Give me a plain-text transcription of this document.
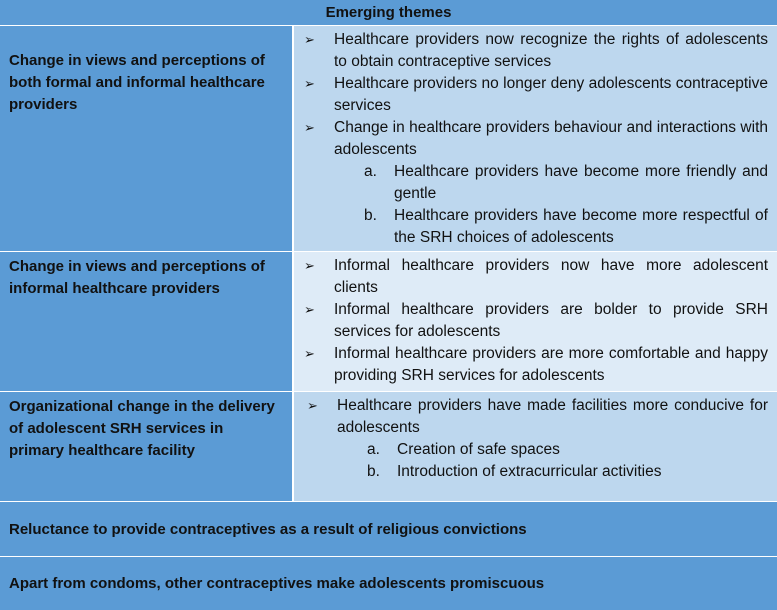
Emerging themes
Change in views and perceptions of both formal and informal healthcare providers
➢ Healthcare providers now recognize the rights of adolescents to obtain contraceptive services
➢ Healthcare providers no longer deny adolescents contraceptive services
➢ Change in healthcare providers behaviour and interactions with adolescents
a. Healthcare providers have become more friendly and gentle
b. Healthcare providers have become more respectful of the SRH choices of adolescents
Change in views and perceptions of informal healthcare providers
➢ Informal healthcare providers now have more adolescent clients
➢ Informal healthcare providers are bolder to provide SRH services for adolescents
➢ Informal healthcare providers are more comfortable and happy providing SRH services for adolescents
Organizational change in the delivery of adolescent SRH services in primary healthcare facility
➢ Healthcare providers have made facilities more conducive for adolescents
a. Creation of safe spaces
b. Introduction of extracurricular activities
Reluctance to provide contraceptives as a result of religious convictions
Apart from condoms, other contraceptives make adolescents promiscuous
